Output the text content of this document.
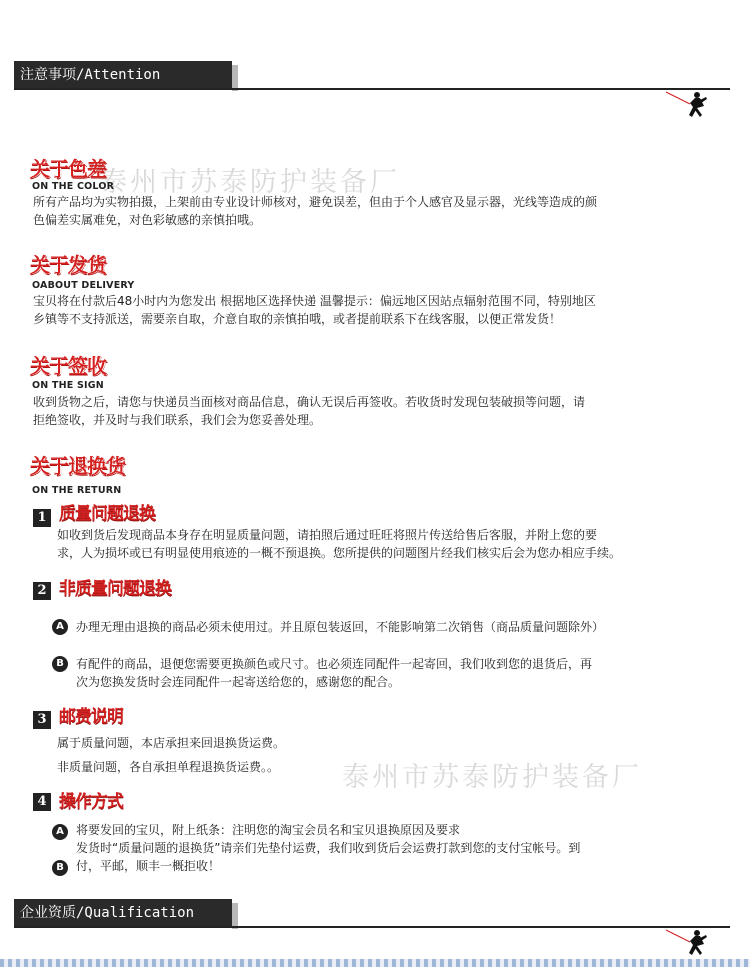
注意事项/Attention
泰州市苏泰防护装备厂
泰州市苏泰防护装备厂
关于色差
ON THE COLOR
所有产品均为实物拍摄，上架前由专业设计师核对，避免误差，但由于个人感官及显示器，光线等造成的颜
色偏差实属难免，对色彩敏感的亲慎拍哦。
关于发货
OABOUT DELIVERY
宝贝将在付款后48小时内为您发出 根据地区选择快递 温馨提示：偏远地区因站点辐射范围不同，特别地区
乡镇等不支持派送，需要亲自取，介意自取的亲慎拍哦，或者提前联系下在线客服，以便正常发货！
关于签收
ON THE SIGN
收到货物之后，请您与快递员当面核对商品信息，确认无误后再签收。若收货时发现包装破损等问题，请
拒绝签收，并及时与我们联系，我们会为您妥善处理。
关于退换货
ON THE RETURN
1 质量问题退换
如收到货后发现商品本身存在明显质量问题，请拍照后通过旺旺将照片传送给售后客服，并附上您的要
求，人为损坏或已有明显使用痕迹的一概不预退换。您所提供的问题图片经我们核实后会为您办相应手续。
2 非质量问题退换
A	办理无理由退换的商品必须未使用过。并且原包装返回，不能影响第二次销售（商品质量问题除外）
B	有配件的商品，退便您需要更换颜色或尺寸。也必须连同配件一起寄回，我们收到您的退货后，再
次为您换发货时会连同配件一起寄送给您的，感谢您的配合。
3 邮费说明
属于质量问题，本店承担来回退换货运费。
非质量问题，各自承担单程退换货运费。。
4 操作方式
A	将要发回的宝贝，附上纸条：注明您的淘宝会员名和宝贝退换原因及要求
发货时“质量问题的退换货”请亲们先垫付运费，我们收到货后会运费打款到您的支付宝帐号。到
付，平邮，顺丰一概拒收！
B
企业资质/Qualification
